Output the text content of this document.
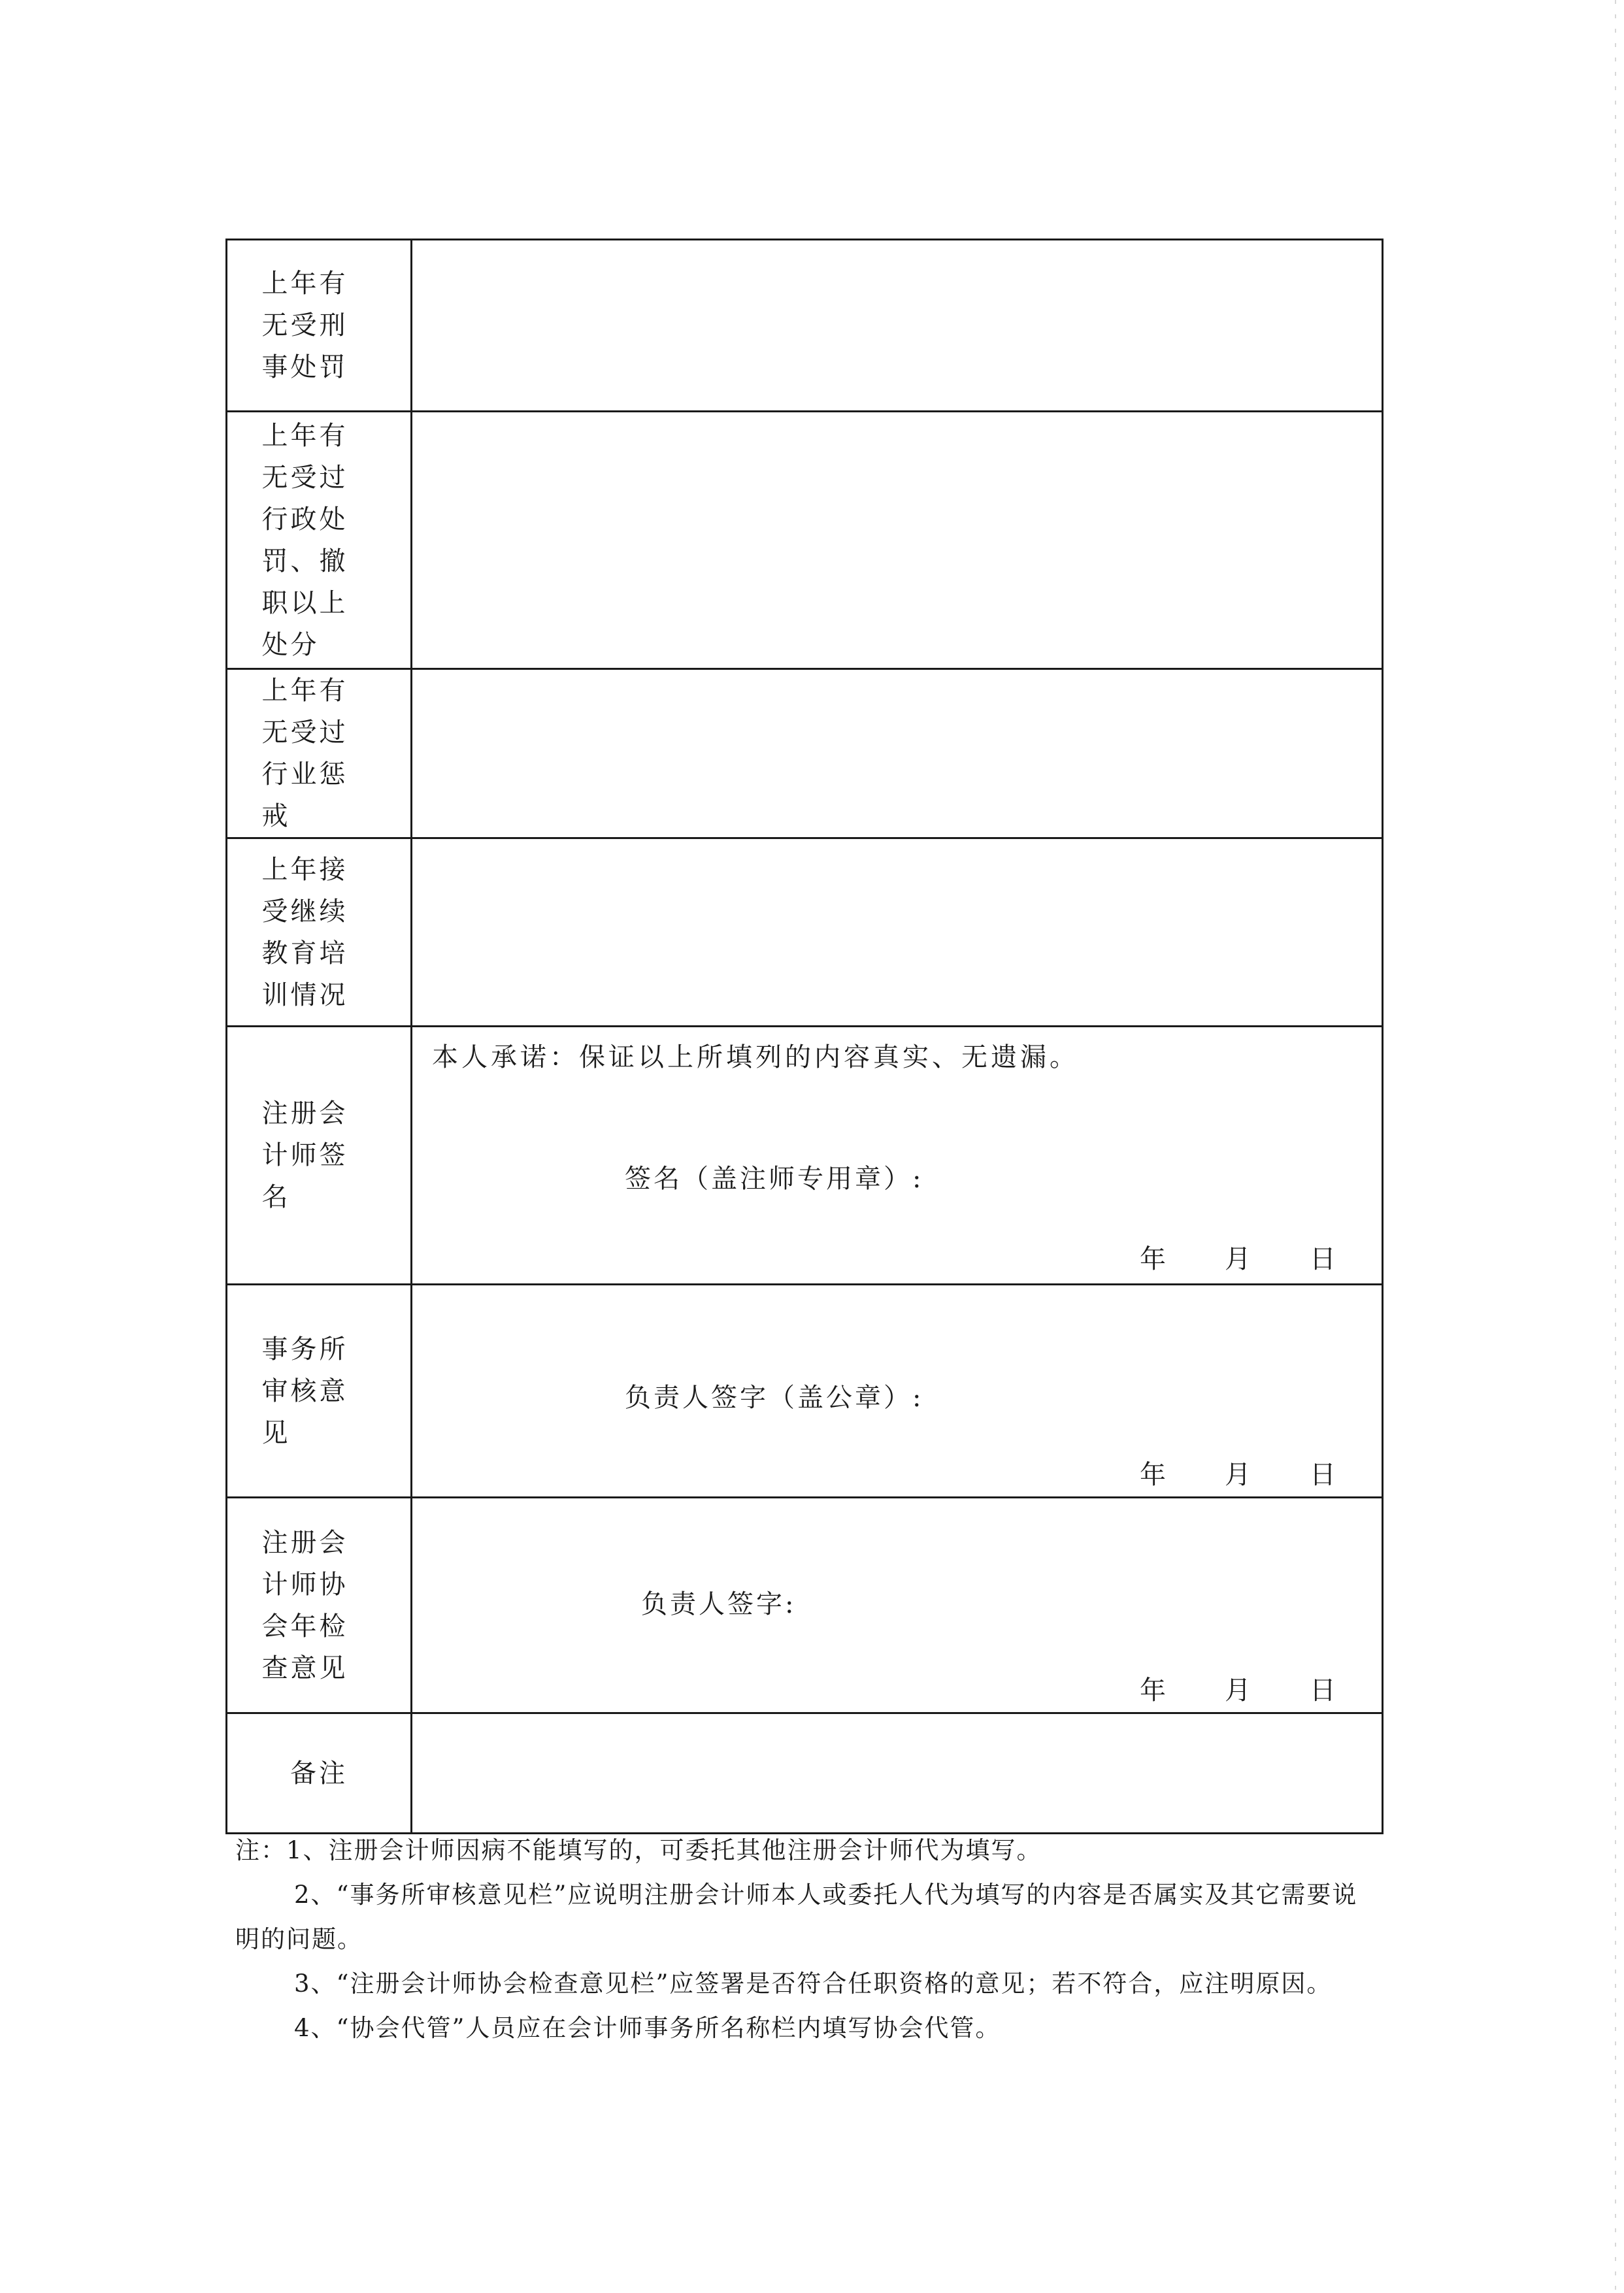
上年有无受刑事处罚	

上年有无受过行政处罚、撤职以上处分	

上年有无受过行业惩戒	

上年接受继续教育培训情况	

注册会计师签名	本人承诺：保证以上所填列的内容真实、无遗漏。
签名（盖注师专用章）:
年 月 日

事务所审核意见	负责人签字（盖公章）:
年 月 日

注册会计师协会年检查意见	负责人签字:
年 月 日

备注	

注：1、注册会计师因病不能填写的，可委托其他注册会计师代为填写。

2、“事务所审核意见栏”应说明注册会计师本人或委托人代为填写的内容是否属实及其它需要说明的问题。

3、“注册会计师协会检查意见栏”应签署是否符合任职资格的意见；若不符合，应注明原因。

4、“协会代管”人员应在会计师事务所名称栏内填写协会代管。
